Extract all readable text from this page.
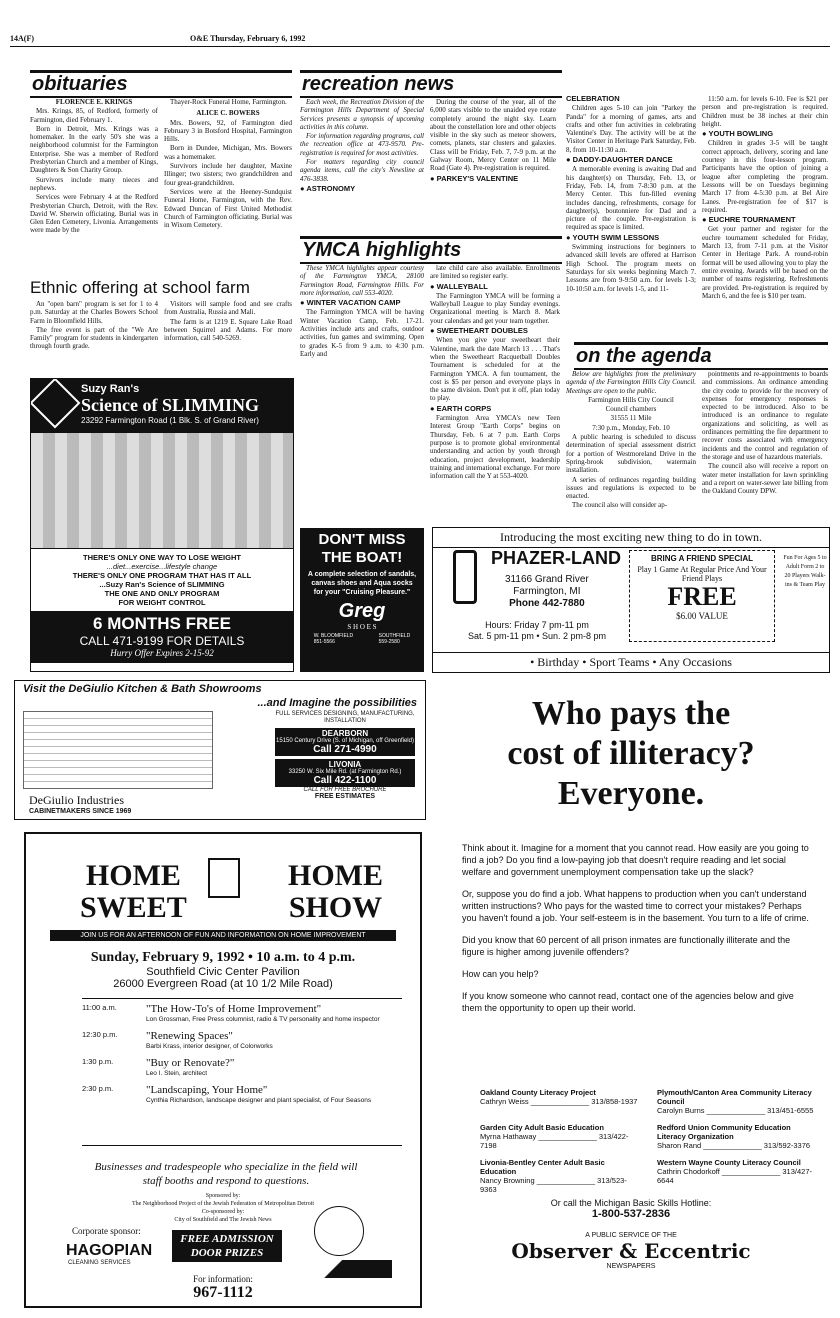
14A(F)	O&E Thursday, February 6, 1992
obituaries

FLORENCE E. KRINGS

Mrs. Krings, 85, of Redford, formerly of Farmington, died February 1.

Born in Detroit, Mrs. Krings was a homemaker. In the early 50's she was a neighborhood columnist for the Farmington Enterprise. She was a member of Redford Presbyterian Church and a member of Kings, Daughters & Son Charity Group.

Survivors include many nieces and nephews.

Services were February 4 at the Redford Presbyterian Church, Detroit, with the Rev. David W. Sherwin officiating. Burial was in Glen Eden Cemetery, Livonia. Arrangements were made by the

Thayer-Rock Funeral Home, Farmington.

ALICE C. BOWERS

Mrs. Bowers, 92, of Farmington died February 3 in Botsford Hospital, Farmington Hills.

Born in Dundee, Michigan, Mrs. Bowers was a homemaker.

Survivors include her daughter, Maxine Illinger; two sisters; two grandchildren and four great-grandchildren.

Services were at the Heeney-Sundquist Funeral Home, Farmington, with the Rev. Edward Duncan of First United Methodist Church of Farmington officiating. Burial was in Wixom Cemetery.

Ethnic offering at school farm

An "open barn" program is set for 1 to 4 p.m. Saturday at the Charles Bowers School Farm in Bloomfield Hills.

The free event is part of the "We Are Family" program for students in kindergarten through fourth grade.

Visitors will sample food and see crafts from Australia, Russia and Mali.

The farm is at 1219 E. Square Lake Road between Squirrel and Adams. For more information, call 540-5269.

recreation news

Each week, the Recreation Division of the Farmington Hills Department of Special Services presents a synopsis of upcoming activities in this column.

For information regarding programs, call the recreation office at 473-9570. Pre-registration is required for most activities.

For matters regarding city council agenda items, call the city's Newsline at 476-3838.

● ASTRONOMY

During the course of the year, all of the 6,000 stars visible to the unaided eye rotate completely around the night sky. Learn about the constellation lore and other objects visible in the sky such as meteor showers, comets, planets, star clusters and galaxies. Class will be Friday, Feb. 7, 7-9 p.m. at the Galway Room, Mercy Center on 11 Mile Road (Gate 4). Pre-registration is required.

● PARKEY'S VALENTINE

CELEBRATION

Children ages 5-10 can join "Parkey the Panda" for a morning of games, arts and crafts and other fun activities in celebrating Valentine's Day. The activity will be at the Visitor Center in Heritage Park Saturday, Feb. 8, from 10-11:30 a.m.

● DADDY-DAUGHTER DANCE

A memorable evening is awaiting Dad and his daughter(s) on Thursday, Feb. 13, or Friday, Feb. 14, from 7-8:30 p.m. at the Mercy Center. This fun-filled evening includes dancing, refreshments, corsage for daughter(s), boutonniere for Dad and a picture of the couple. Pre-registration is required as space is limited.

● YOUTH SWIM LESSONS

Swimming instructions for beginners to advanced skill levels are offered at Harrison High School. The program meets on Saturdays for six weeks beginning March 7. Lessons are from 9-9:50 a.m. for levels 1-3; 10-10:50 a.m. for levels 1-5, and 11-

11:50 a.m. for levels 6-10. Fee is $21 per person and pre-registration is required. Children must be 38 inches at their chin height.

● YOUTH BOWLING

Children in grades 3-5 will be taught correct approach, delivery, scoring and lane courtesy in this four-lesson program. Participants have the option of joining a league after completing the program. Lessons will be on Tuesdays beginning March 17 from 4-5:30 p.m. at Bel Aire Lanes. Pre-registration fee of $17 is required.

● EUCHRE TOURNAMENT

Get your partner and register for the euchre tournament scheduled for Friday, March 13, from 7-11 p.m. at the Visitor Center in Heritage Park. A round-robin format will be used allowing you to play the entire evening. Awards will be based on the number of teams registering. Refreshments are provided. Pre-registration is required by March 6, and the fee is $10 per team.

YMCA highlights

These YMCA highlights appear courtesy of the Farmington YMCA, 28100 Farmington Road, Farmington Hills. For more information, call 553-4020.

● WINTER VACATION CAMP

The Farmington YMCA will be having Winter Vacation Camp, Feb. 17-21. Activities include arts and crafts, outdoor activities, fun games and swimming. Open to grades K-5 from 9 a.m. to 4:30 p.m. Early and

late child care also available. Enrollments are limited so register early.

● WALLEYBALL

The Farmington YMCA will be forming a Walleyball League to play Sunday evenings. Organizational meeting is March 8. Mark your calendars and get your team together.

● SWEETHEART DOUBLES

When you give your sweetheart their Valentine, mark the date March 13 . . . That's when the Sweetheart Racquetball Doubles Tournament is scheduled for at the Farmington YMCA. A fun tournament, the cost is $5 per person and everyone plays in the same division. Don't put it off, plan today to play.

● EARTH CORPS

Farmington Area YMCA's new Teen Interest Group "Earth Corps" begins on Thursday, Feb. 6 at 7 p.m. Earth Corps purpose is to promote global environmental understanding and action by youth through education, project development, leadership training and international exchange. For more information call the Y at 553-4020.

on the agenda

Below are highlights from the preliminary agenda of the Farmington Hills City Council. Meetings are open to the public.

Farmington Hills City Council

Council chambers

31555 11 Mile

7:30 p.m., Monday, Feb. 10

A public hearing is scheduled to discuss determination of special assessment district for a portion of Westmoreland Drive in the Spring-brook subdivision, watermain installation.

A series of ordinances regarding building issues and regulations is expected to be enacted.

The council also will consider ap-

pointments and re-appointments to boards and commissions. An ordinance amending the city code to provide for the recovery of expenses for emergency responses is expected to be introduced. Also to be introduced is an ordinance to regulate organizations and soliciting, as well as ordinances permitting the fire department to recover costs associated with emergency incidents and the control and regulation of the storage and use of hazardous materials.

The council also will receive a report on water meter installation for lawn sprinkling and a report on water-sewer late billing from the Oakland County DPW.

Suzy Ran's
Science of SLIMMING
23292 Farmington Road (1 Blk. S. of Grand River)
THERE'S ONLY ONE WAY TO LOSE WEIGHT
...diet...exercise...lifestyle change
THERE'S ONLY ONE PROGRAM THAT HAS IT ALL
...Suzy Ran's Science of SLIMMING
THE ONE AND ONLY PROGRAM
FOR WEIGHT CONTROL
6 MONTHS FREE
CALL 471-9199 FOR DETAILS
Hurry Offer Expires 2-15-92
DON'T MISS
THE BOAT!
A complete selection of sandals, canvas shoes and Aqua socks for your "Cruising Pleasure."
Greg
S H O E S
W. BLOOMFIELD
851-5566
SOUTHFIELD
559-2580
Introducing the most exciting new thing to do in town.
PHAZER-LAND
31166 Grand River
Farmington, MI
Phone 442-7880
Hours: Friday 7 pm-11 pm
Sat. 5 pm-11 pm • Sun. 2 pm-8 pm
BRING A FRIEND SPECIAL
Play 1 Game At Regular Price And Your Friend Plays
FREE
$6.00 VALUE
Fun For Ages 5 to Adult Form 2 to 20 Players Walk-ins & Team Play
• Birthday • Sport Teams • Any Occasions
Visit the DeGiulio Kitchen & Bath Showrooms
...and Imagine the possibilities
FULL SERVICES DESIGNING, MANUFACTURING, INSTALLATION
DEARBORN
15150 Century Drive (S. of Michigan, off Greenfield)
Call 271-4990
LIVONIA
33250 W. Six Mile Rd. (at Farmington Rd.)
Call 422-1100
CALL FOR FREE BROCHURE
FREE ESTIMATES
DeGiulio Industries
CABINETMAKERS SINCE 1969
HOME
SWEET
HOME
SHOW
JOIN US FOR AN AFTERNOON OF FUN AND INFORMATION ON HOME IMPROVEMENT
Sunday, February 9, 1992 • 10 a.m. to 4 p.m.
Southfield Civic Center Pavilion
26000 Evergreen Road (at 10 1/2 Mile Road)
11:00 a.m.	"The How-To's of Home Improvement"
Lon Grossman, Free Press columnist, radio & TV personality and home inspector
12:30 p.m.	"Renewing Spaces"
Barbi Krass, interior designer, of Colorworks
1:30 p.m.	"Buy or Renovate?"
Leo I. Stein, architect
2:30 p.m.	"Landscaping, Your Home"
Cynthia Richardson, landscape designer and plant specialist, of Four Seasons
Businesses and tradespeople who specialize in the field will staff booths and respond to questions.
Sponsored by:
The Neighborhood Project of the Jewish Federation of Metropolitan Detroit
Co-sponsored by:
City of Southfield and The Jewish News
Corporate sponsor:
HAGOPIAN
CLEANING SERVICES
FREE ADMISSION
DOOR PRIZES
For information:
967-1112
Who pays the
cost of illiteracy?
Everyone.

Think about it. Imagine for a moment that you cannot read. How easily are you going to find a job? Do you find a low-paying job that doesn't require reading and let social welfare and government unemployment compensation take up the slack?

Or, suppose you do find a job. What happens to production when you can't understand written instructions? Who pays for the wasted time to correct your mistakes? Perhaps you haven't found a job. Your self-esteem is in the basement. You turn to a life of crime.

Did you know that 60 percent of all prison inmates are functionally illiterate and the figure is higher among juvenile offenders?

How can you help?

If you know someone who cannot read, contact one of the agencies below and give them the opportunity to open up their world.

Oakland County Literacy Project
Cathryn Weiss ______________ 313/858-1937
Plymouth/Canton Area Community Literacy Council
Carolyn Burns ______________ 313/451-6555
Garden City Adult Basic Education
Myrna Hathaway ______________ 313/422-7198
Redford Union Community Education Literacy Organization
Sharon Rand ______________ 313/592-3376
Livonia-Bentley Center Adult Basic Education
Nancy Browning ______________ 313/523-9363
Western Wayne County Literacy Council
Cathrin Chodorkoff ______________ 313/427-6644
Or call the Michigan Basic Skills Hotline:
1-800-537-2836
A PUBLIC SERVICE OF THE
Observer & Eccentric
NEWSPAPERS
